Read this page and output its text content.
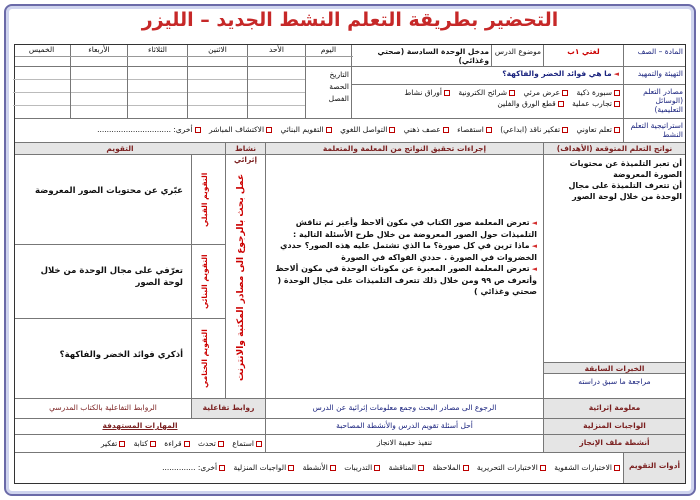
التحضير بطريقة التعلم النشط الجديد – الليزر
المادة – الصف
لغتي ١ب
موضوع الدرس
مدخل الوحدة السادسة (صحتي وغذائي)
اليوم
الأحد
الاثنين
الثلاثاء
الأربعاء
الخميس
التهيئة والتمهيد
مصادر التعلم (الوسائل التعليمية)
◄ما هي فوائد الخضر والفاكهة؟
سبورة ذكية عرض مرئي شرائح الكترونية أوراق نشاط
تجارب عملية قطع الورق والفلين
التاريخ
الحصة
الفصل
استراتيجية التعلم النشط
تعلم تعاوني تفكير ناقد (ابداعي) استقصاء عصف ذهني التواصل اللغوي التقويم البنائي الاكتشاف المباشر أخرى: ...............................
نواتج التعلم المتوقعة (الأهداف)
إجراءات تحقيق النواتج من المعلمة والمتعلمة
نشاط إثرائي
التقويم
أن تعبر التلميذة عن محتويات الصورة المعروضة
أن تتعرف التلميذة على مجال الوحدة من خلال لوحة الصور
الخبرات السابقة
مراجعة ما سبق دراسته
◄تعرض المعلمة صور الكتاب في مكون ألاحظ وأعبر ثم تناقش التلميذات حول الصور المعروضة من خلال طرح الأسئلة التالية :
◄ماذا ترين في كل صورة؟ ما الذي تشتمل عليه هذه الصور؟ حددي الخضروات في الصورة . حددي الفواكه في الصورة
◄تعرض المعلمة الصور المعبرة عن مكونات الوحدة في مكون ألاحظ وأتعرف ص ٩٩ ومن خلال ذلك تتعرف التلميذات على مجال الوحدة ( صحتي وغذائي )
عمل بحث بالرجوع الى مصادر المكتبة والانترنت
التقويم القبلي
التقويم البنائي
التقويم الختامي
عبّري عن محتويات الصور المعروضة
تعرّفي على مجال الوحدة من خلال لوحة الصور
أذكري فوائد الخضر والفاكهة؟
معلومة إثرائية
الرجوع الى مصادر البحث وجمع معلومات إثرائية عن الدرس
روابط تفاعلية
الروابط التفاعلية بالكتاب المدرسي
الواجبات المنزلية
أحل أسئلة تقويم الدرس والأنشطة المصاحبة
المهارات المستهدفة
أنشطة ملف الإنجاز
تنفيذ حقيبة الانجاز
استماع تحدث قراءة كتابة تفكير
أدوات التقويم
الاختبارات الشفوية الاختبارات التحريرية الملاحظة المناقشة التدريبات الأنشطة الواجبات المنزلية أخرى: ..............
